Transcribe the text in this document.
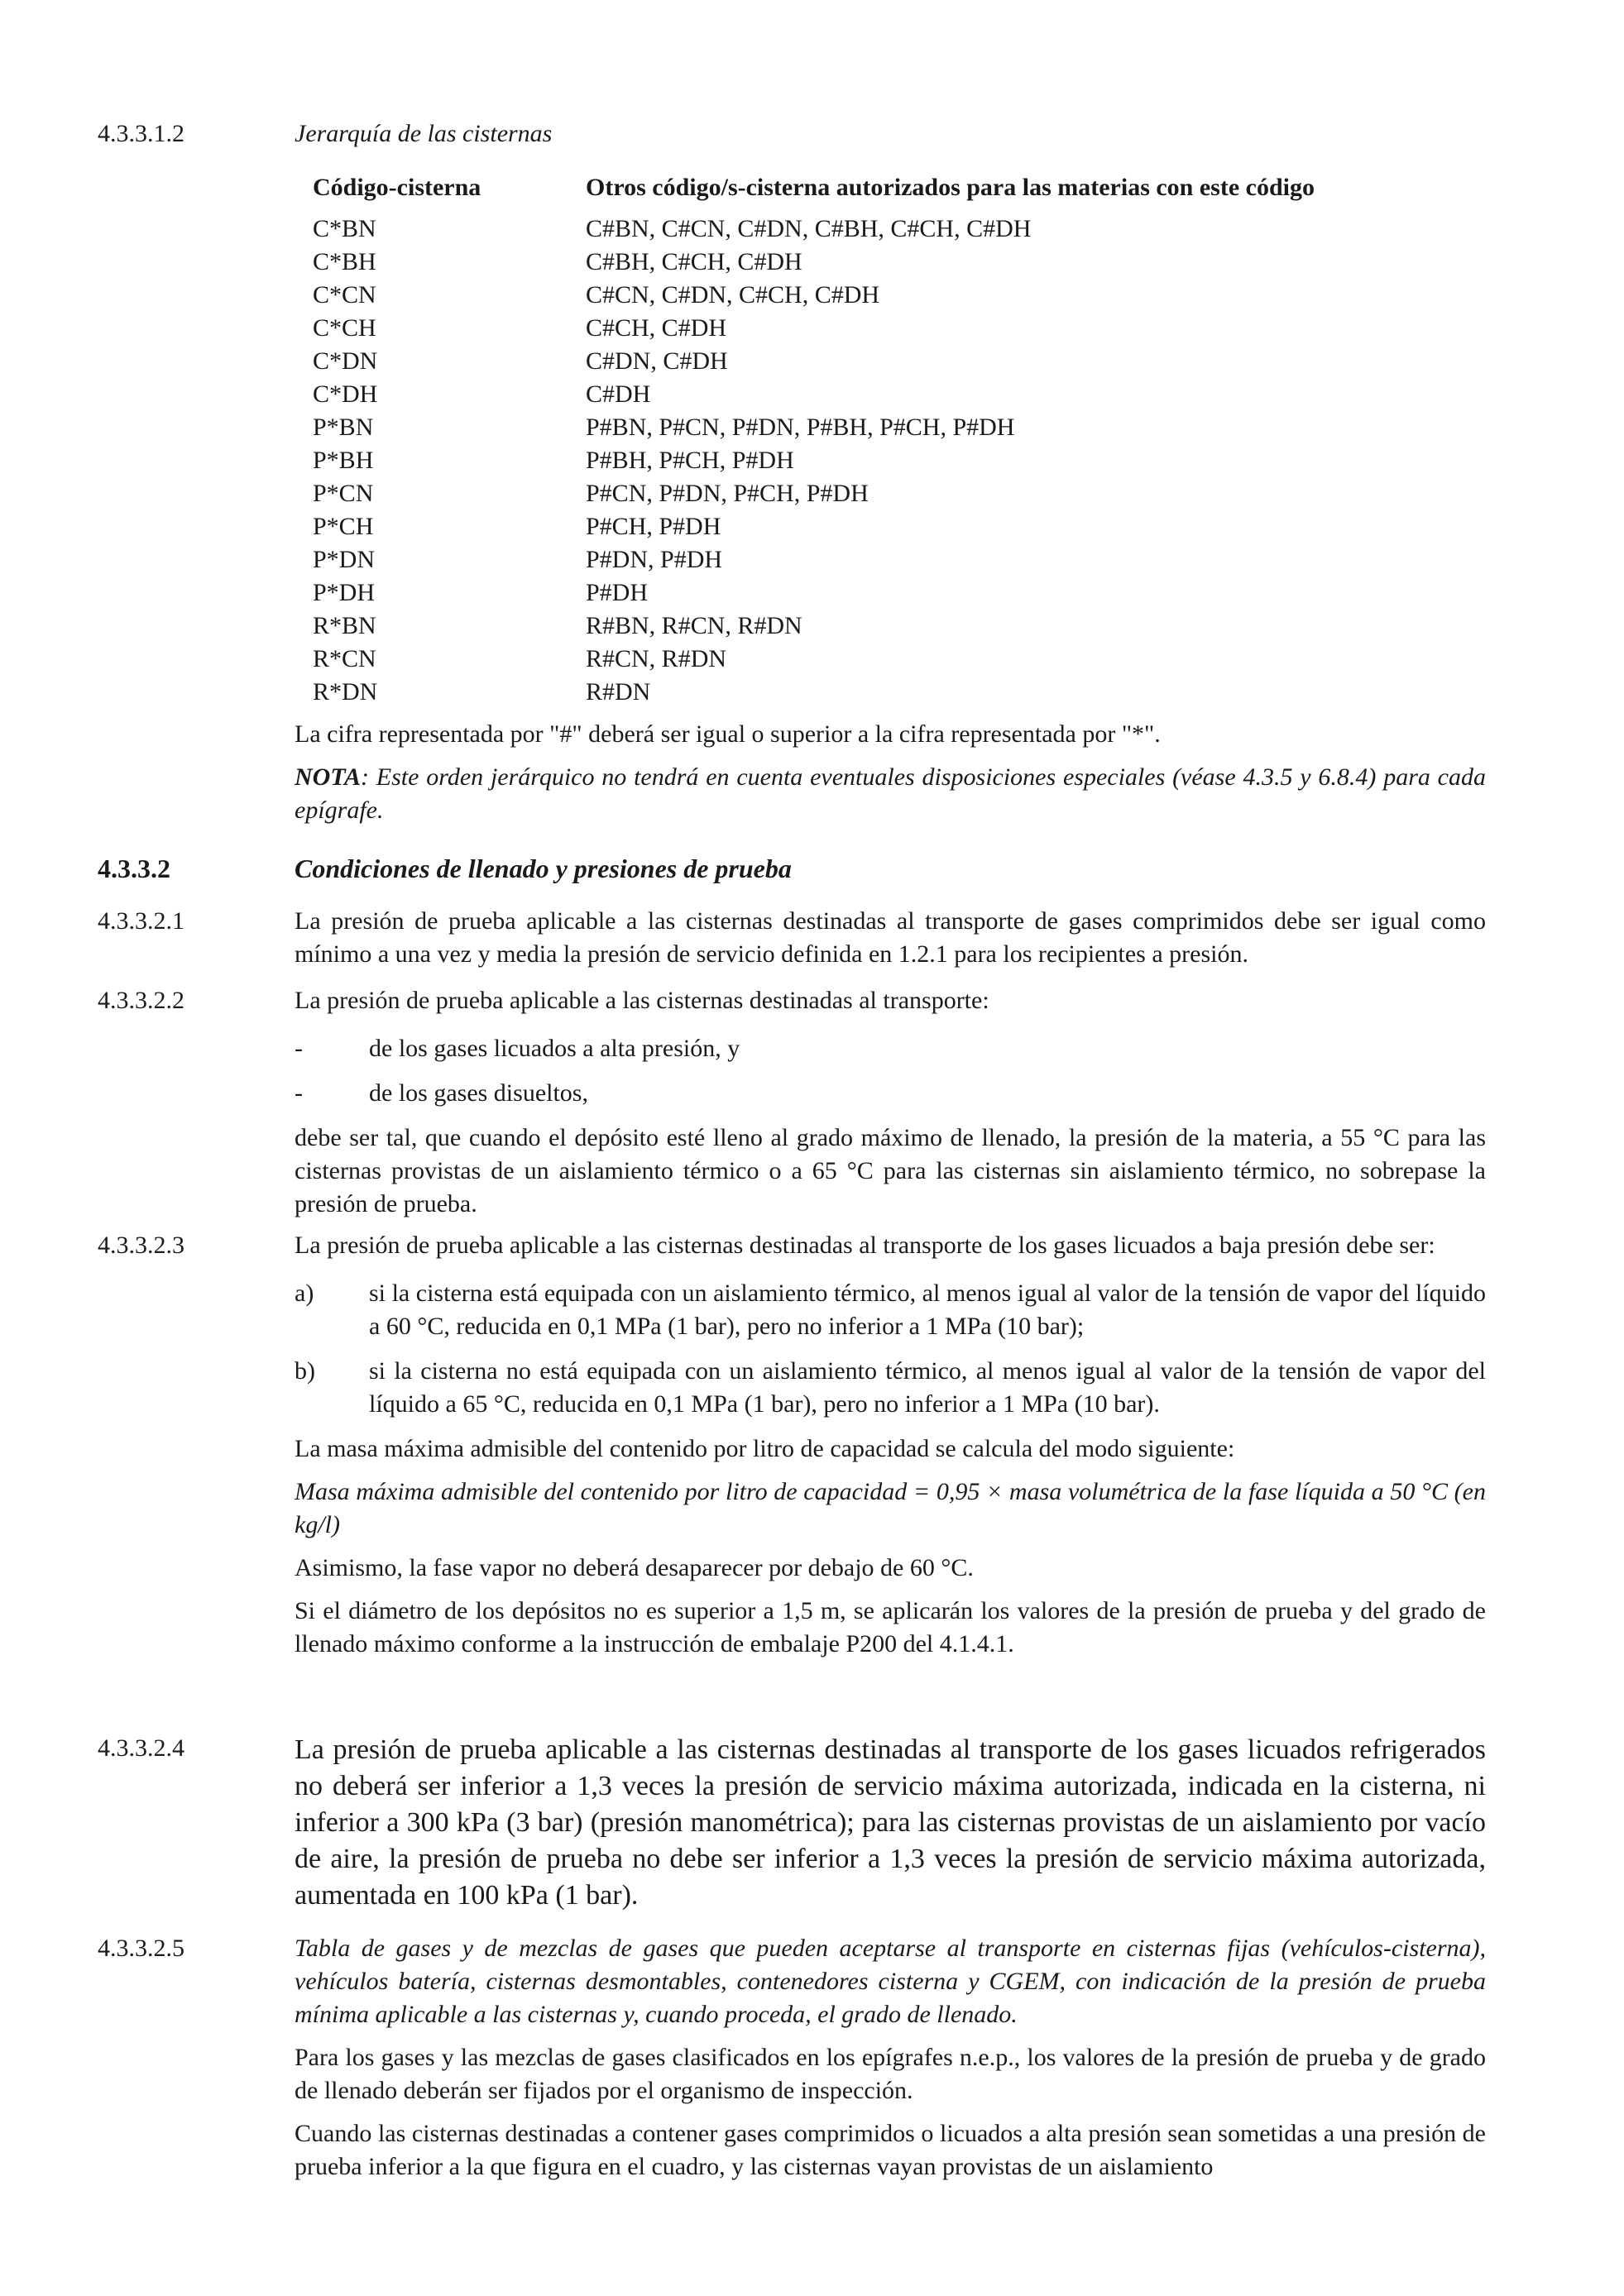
4.3.3.1.2	Jerarquía de las cisternas
Código-cisterna	Otros código/s-cisterna autorizados para las materias con este código
C*BN	C#BN, C#CN, C#DN, C#BH, C#CH, C#DH
C*BH	C#BH, C#CH, C#DH
C*CN	C#CN, C#DN, C#CH, C#DH
C*CH	C#CH, C#DH
C*DN	C#DN, C#DH
C*DH	C#DH
P*BN	P#BN, P#CN, P#DN, P#BH, P#CH, P#DH
P*BH	P#BH, P#CH, P#DH
P*CN	P#CN, P#DN, P#CH, P#DH
P*CH	P#CH, P#DH
P*DN	P#DN, P#DH
P*DH	P#DH
R*BN	R#BN, R#CN, R#DN
R*CN	R#CN, R#DN
R*DN	R#DN

La cifra representada por "#" deberá ser igual o superior a la cifra representada por "*".

NOTA: Este orden jerárquico no tendrá en cuenta eventuales disposiciones especiales (véase 4.3.5 y 6.8.4) para cada epígrafe.

4.3.3.2	Condiciones de llenado y presiones de prueba
4.3.3.2.1	La presión de prueba aplicable a las cisternas destinadas al transporte de gases comprimidos debe ser igual como mínimo a una vez y media la presión de servicio definida en 1.2.1 para los recipientes a presión.

4.3.3.2.2	La presión de prueba aplicable a las cisternas destinadas al transporte:

-	de los gases licuados a alta presión, y
-	de los gases disueltos,

debe ser tal, que cuando el depósito esté lleno al grado máximo de llenado, la presión de la materia, a 55 °C para las cisternas provistas de un aislamiento térmico o a 65 °C para las cisternas sin aislamiento térmico, no sobrepase la presión de prueba.

4.3.3.2.3	La presión de prueba aplicable a las cisternas destinadas al transporte de los gases licuados a baja presión debe ser:

a) si la cisterna está equipada con un aislamiento térmico, al menos igual al valor de la tensión de vapor del líquido a 60 °C, reducida en 0,1 MPa (1 bar), pero no inferior a 1 MPa (10 bar);
b) si la cisterna no está equipada con un aislamiento térmico, al menos igual al valor de la tensión de vapor del líquido a 65 °C, reducida en 0,1 MPa (1 bar), pero no inferior a 1 MPa (10 bar).

La masa máxima admisible del contenido por litro de capacidad se calcula del modo siguiente:

Masa máxima admisible del contenido por litro de capacidad = 0,95 × masa volumétrica de la fase líquida a 50 °C (en kg/l)

Asimismo, la fase vapor no deberá desaparecer por debajo de 60 °C.

Si el diámetro de los depósitos no es superior a 1,5 m, se aplicarán los valores de la presión de prueba y del grado de llenado máximo conforme a la instrucción de embalaje P200 del 4.1.4.1.

4.3.3.2.4	La presión de prueba aplicable a las cisternas destinadas al transporte de los gases licuados refrigerados no deberá ser inferior a 1,3 veces la presión de servicio máxima autorizada, indicada en la cisterna, ni inferior a 300 kPa (3 bar) (presión manométrica); para las cisternas provistas de un aislamiento por vacío de aire, la presión de prueba no debe ser inferior a 1,3 veces la presión de servicio máxima autorizada, aumentada en 100 kPa (1 bar).

4.3.3.2.5	Tabla de gases y de mezclas de gases que pueden aceptarse al transporte en cisternas fijas (vehículos-cisterna), vehículos batería, cisternas desmontables, contenedores cisterna y CGEM, con indicación de la presión de prueba mínima aplicable a las cisternas y, cuando proceda, el grado de llenado.

Para los gases y las mezclas de gases clasificados en los epígrafes n.e.p., los valores de la presión de prueba y de grado de llenado deberán ser fijados por el organismo de inspección.

Cuando las cisternas destinadas a contener gases comprimidos o licuados a alta presión sean sometidas a una presión de prueba inferior a la que figura en el cuadro, y las cisternas vayan provistas de un aislamiento
